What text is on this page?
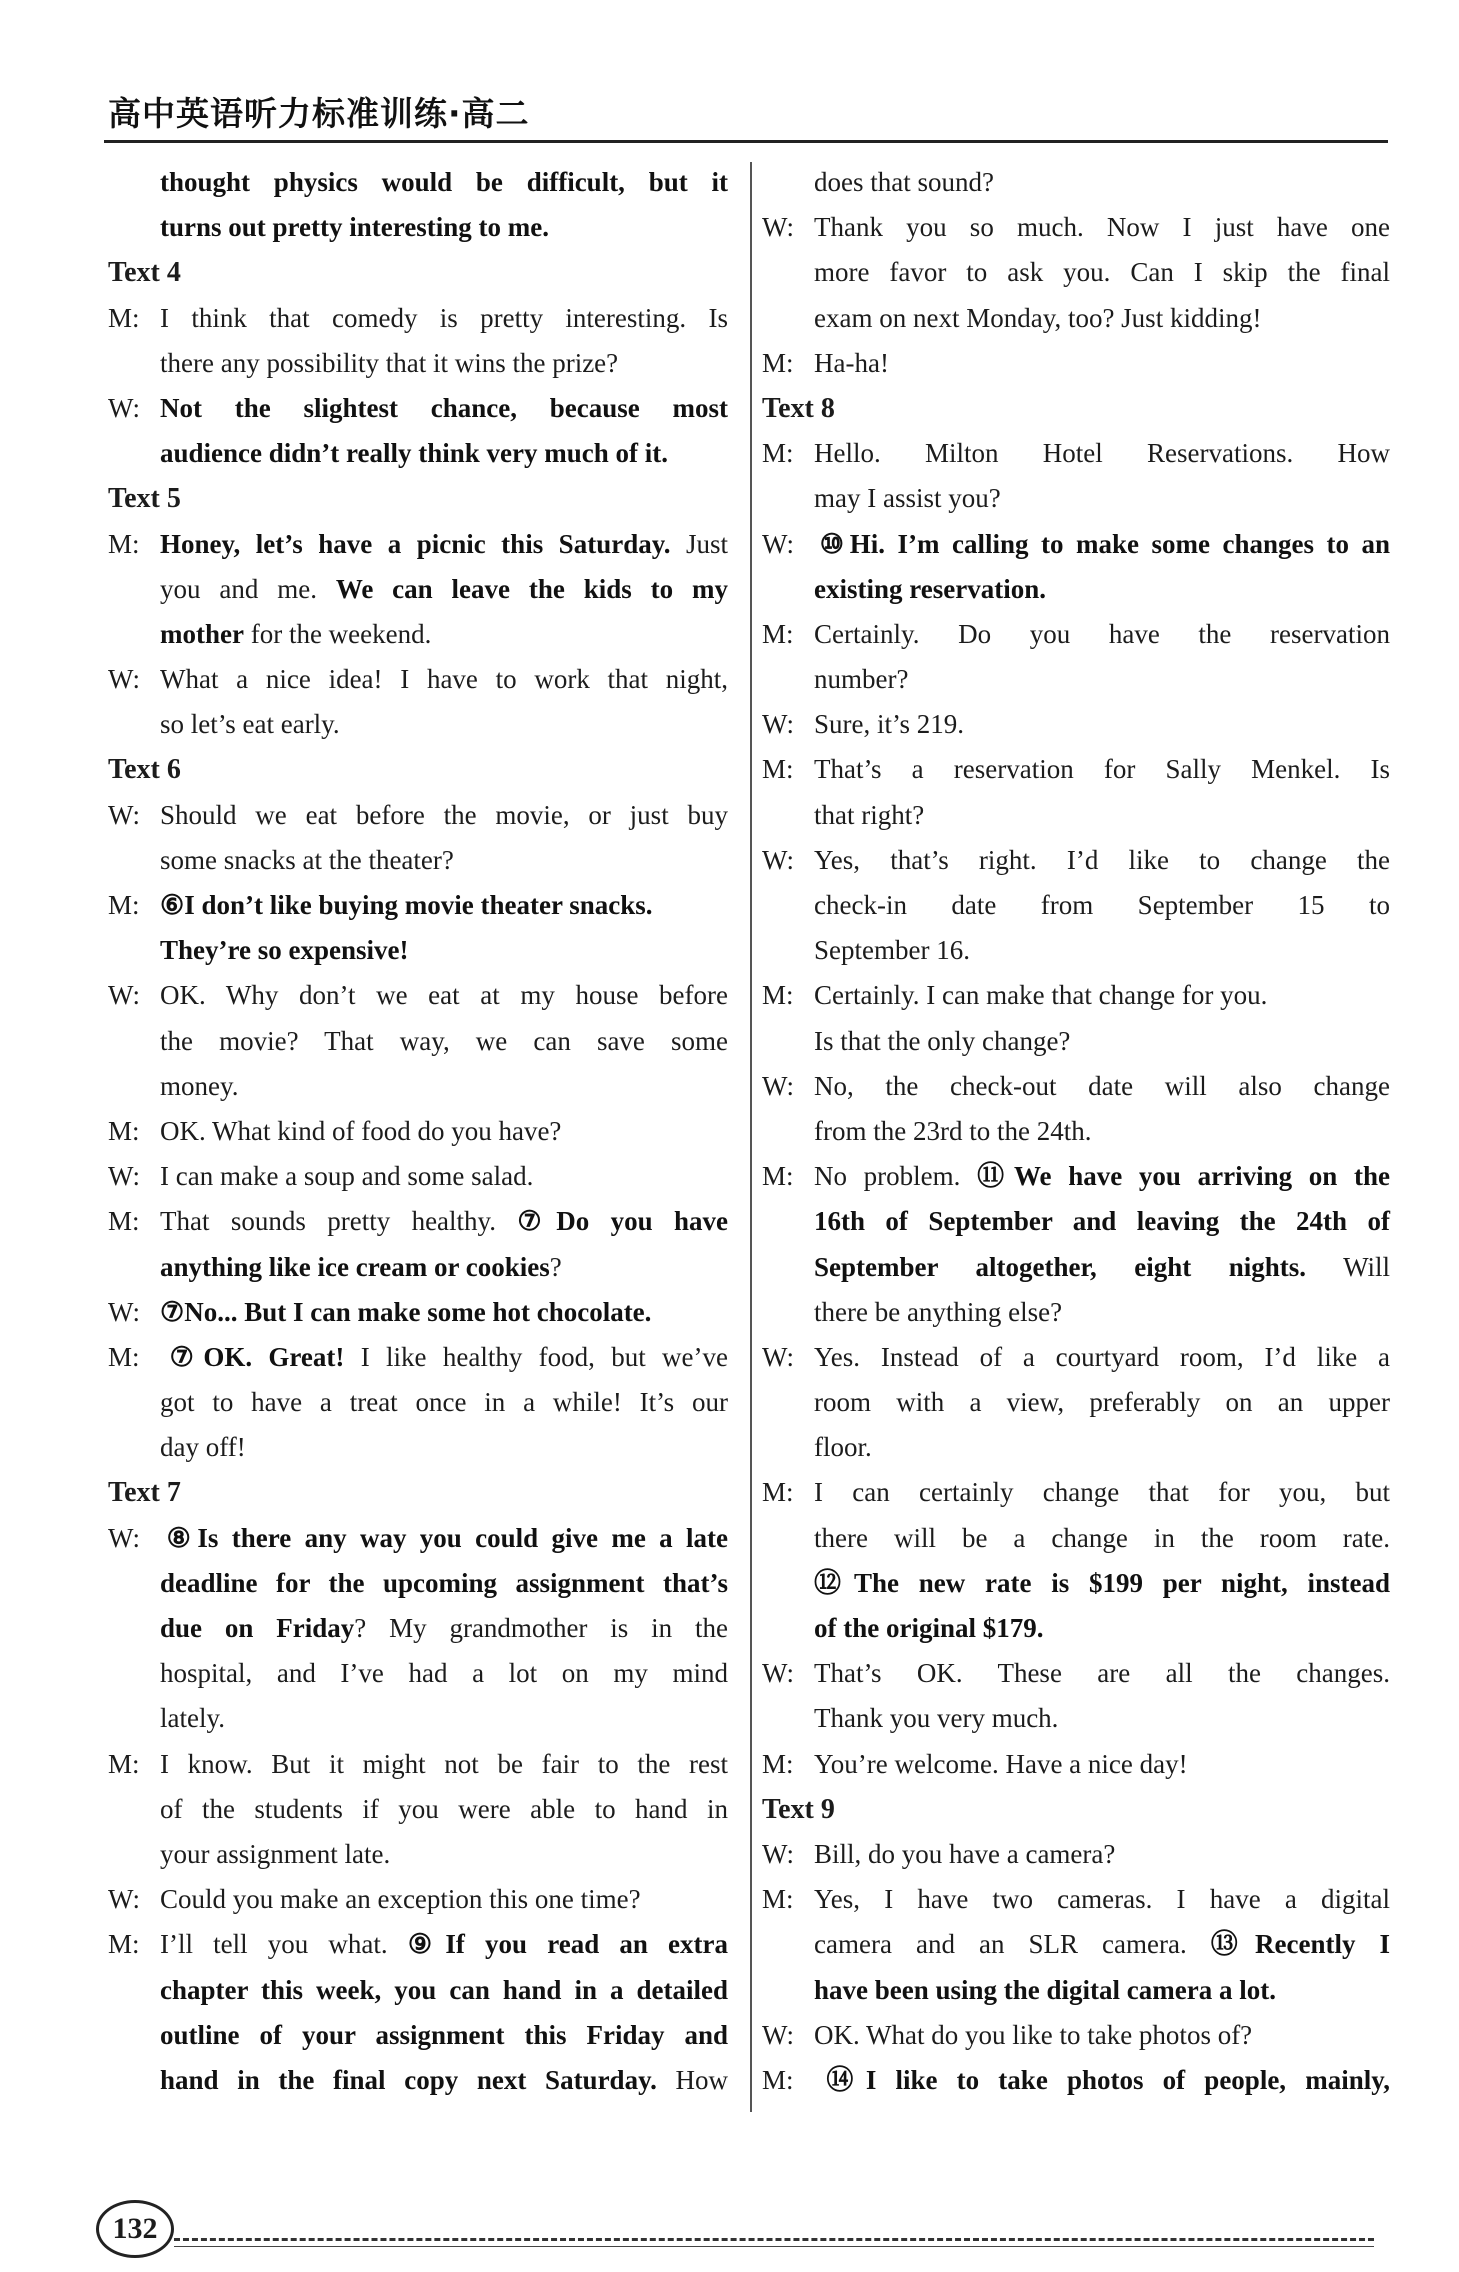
高中英语听力标准训练·高二
thought physics would be difficult, but it
turns out pretty interesting to me.
Text 4
M: I think that comedy is pretty interesting. Is
there any possibility that it wins the prize?
W: Not the slightest chance, because most
audience didn’t really think very much of it.
Text 5
M: Honey, let’s have a picnic this Saturday. Just
you and me. We can leave the kids to my
mother for the weekend.
W: What a nice idea! I have to work that night,
so let’s eat early.
Text 6
W: Should we eat before the movie, or just buy
some snacks at the theater?
M: ⑥I don’t like buying movie theater snacks.
They’re so expensive!
W: OK. Why don’t we eat at my house before
the movie? That way, we can save some
money.
M: OK. What kind of food do you have?
W: I can make a soup and some salad.
M: That sounds pretty healthy. ⑦Do you have
anything like ice cream or cookies?
W: ⑦No... But I can make some hot chocolate.
M: ⑦OK. Great! I like healthy food, but we’ve
got to have a treat once in a while! It’s our
day off!
Text 7
W: ⑧Is there any way you could give me a late
deadline for the upcoming assignment that’s
due on Friday? My grandmother is in the
hospital, and I’ve had a lot on my mind
lately.
M: I know. But it might not be fair to the rest
of the students if you were able to hand in
your assignment late.
W: Could you make an exception this one time?
M: I’ll tell you what. ⑨If you read an extra
chapter this week, you can hand in a detailed
outline of your assignment this Friday and
hand in the final copy next Saturday. How
does that sound?
W: Thank you so much. Now I just have one
more favor to ask you. Can I skip the final
exam on next Monday, too? Just kidding!
M: Ha-ha!
Text 8
M: Hello. Milton Hotel Reservations. How
may I assist you?
W: ⑩Hi. I’m calling to make some changes to an
existing reservation.
M: Certainly. Do you have the reservation
number?
W: Sure, it’s 219.
M: That’s a reservation for Sally Menkel. Is
that right?
W: Yes, that’s right. I’d like to change the
check-in date from September 15 to
September 16.
M: Certainly. I can make that change for you.
Is that the only change?
W: No, the check-out date will also change
from the 23rd to the 24th.
M: No problem. ⑪We have you arriving on the
16th of September and leaving the 24th of
September altogether, eight nights. Will
there be anything else?
W: Yes. Instead of a courtyard room, I’d like a
room with a view, preferably on an upper
floor.
M: I can certainly change that for you, but
there will be a change in the room rate.
⑫The new rate is $199 per night, instead
of the original $179.
W: That’s OK. These are all the changes.
Thank you very much.
M: You’re welcome. Have a nice day!
Text 9
W: Bill, do you have a camera?
M: Yes, I have two cameras. I have a digital
camera and an SLR camera. ⑬Recently I
have been using the digital camera a lot.
W: OK. What do you like to take photos of?
M: ⑭I like to take photos of people, mainly,
132
